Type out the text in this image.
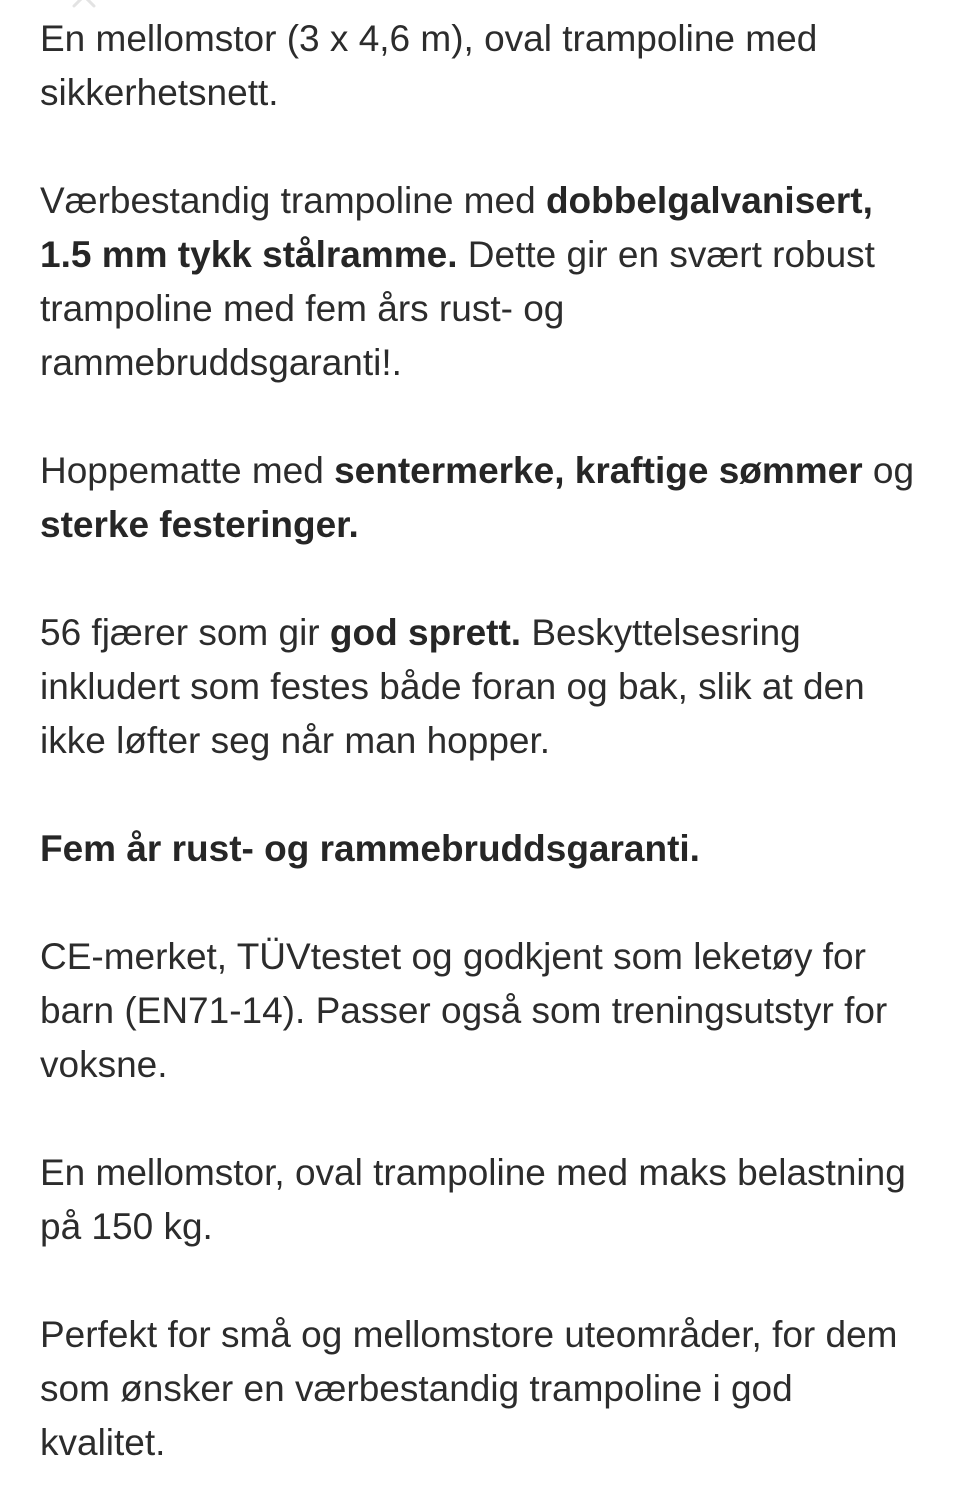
En mellomstor (3 x 4,6 m), oval trampoline med sikkerhetsnett.

Værbestandig trampoline med dobbelgalvanisert, 1.5 mm tykk stålramme. Dette gir en svært robust trampoline med fem års rust- og rammebruddsgaranti!.

Hoppematte med sentermerke, kraftige sømmer og sterke festeringer.

56 fjærer som gir god sprett. Beskyttelsesring inkludert som festes både foran og bak, slik at den ikke løfter seg når man hopper.

Fem år rust- og rammebruddsgaranti.

CE-merket, TÜVtestet og godkjent som leketøy for barn (EN71-14). Passer også som treningsutstyr for voksne.

En mellomstor, oval trampoline med maks belastning på 150 kg.

Perfekt for små og mellomstore uteområder, for dem som ønsker en værbestandig trampoline i god kvalitet.
